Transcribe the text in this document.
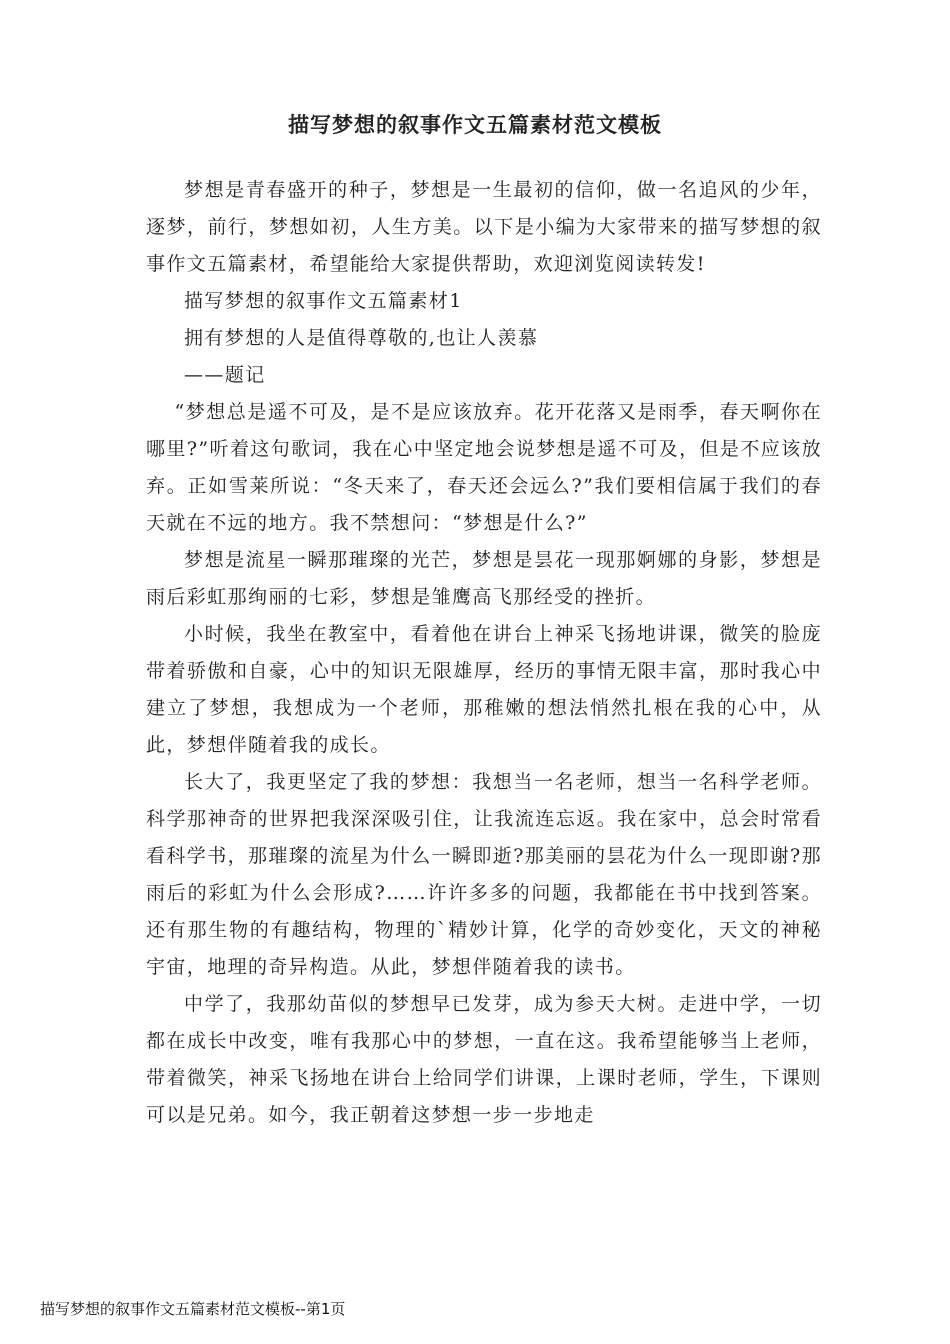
描写梦想的叙事作文五篇素材范文模板

梦想是青春盛开的种子，梦想是一生最初的信仰，做一名追风的少年，逐梦，前行，梦想如初，人生方美。以下是小编为大家带来的描写梦想的叙事作文五篇素材，希望能给大家提供帮助，欢迎浏览阅读转发!

描写梦想的叙事作文五篇素材1

拥有梦想的人是值得尊敬的,也让人羡慕

——题记

“梦想总是遥不可及，是不是应该放弃。花开花落又是雨季，春天啊你在哪里?”听着这句歌词，我在心中坚定地会说梦想是遥不可及，但是不应该放弃。正如雪莱所说：“冬天来了，春天还会远么?”我们要相信属于我们的春天就在不远的地方。我不禁想问：“梦想是什么?”

梦想是流星一瞬那璀璨的光芒，梦想是昙花一现那婀娜的身影，梦想是雨后彩虹那绚丽的七彩，梦想是雏鹰高飞那经受的挫折。

小时候，我坐在教室中，看着他在讲台上神采飞扬地讲课，微笑的脸庞带着骄傲和自豪，心中的知识无限雄厚，经历的事情无限丰富，那时我心中建立了梦想，我想成为一个老师，那稚嫩的想法悄然扎根在我的心中，从此，梦想伴随着我的成长。

长大了，我更坚定了我的梦想：我想当一名老师，想当一名科学老师。科学那神奇的世界把我深深吸引住，让我流连忘返。我在家中，总会时常看看科学书，那璀璨的流星为什么一瞬即逝?那美丽的昙花为什么一现即谢?那雨后的彩虹为什么会形成?……许许多多的问题，我都能在书中找到答案。还有那生物的有趣结构，物理的`精妙计算，化学的奇妙变化，天文的神秘宇宙，地理的奇异构造。从此，梦想伴随着我的读书。

中学了，我那幼苗似的梦想早已发芽，成为参天大树。走进中学，一切都在成长中改变，唯有我那心中的梦想，一直在这。我希望能够当上老师，带着微笑，神采飞扬地在讲台上给同学们讲课，上课时老师，学生，下课则可以是兄弟。如今，我正朝着这梦想一步一步地走

描写梦想的叙事作文五篇素材范文模板--第1页
